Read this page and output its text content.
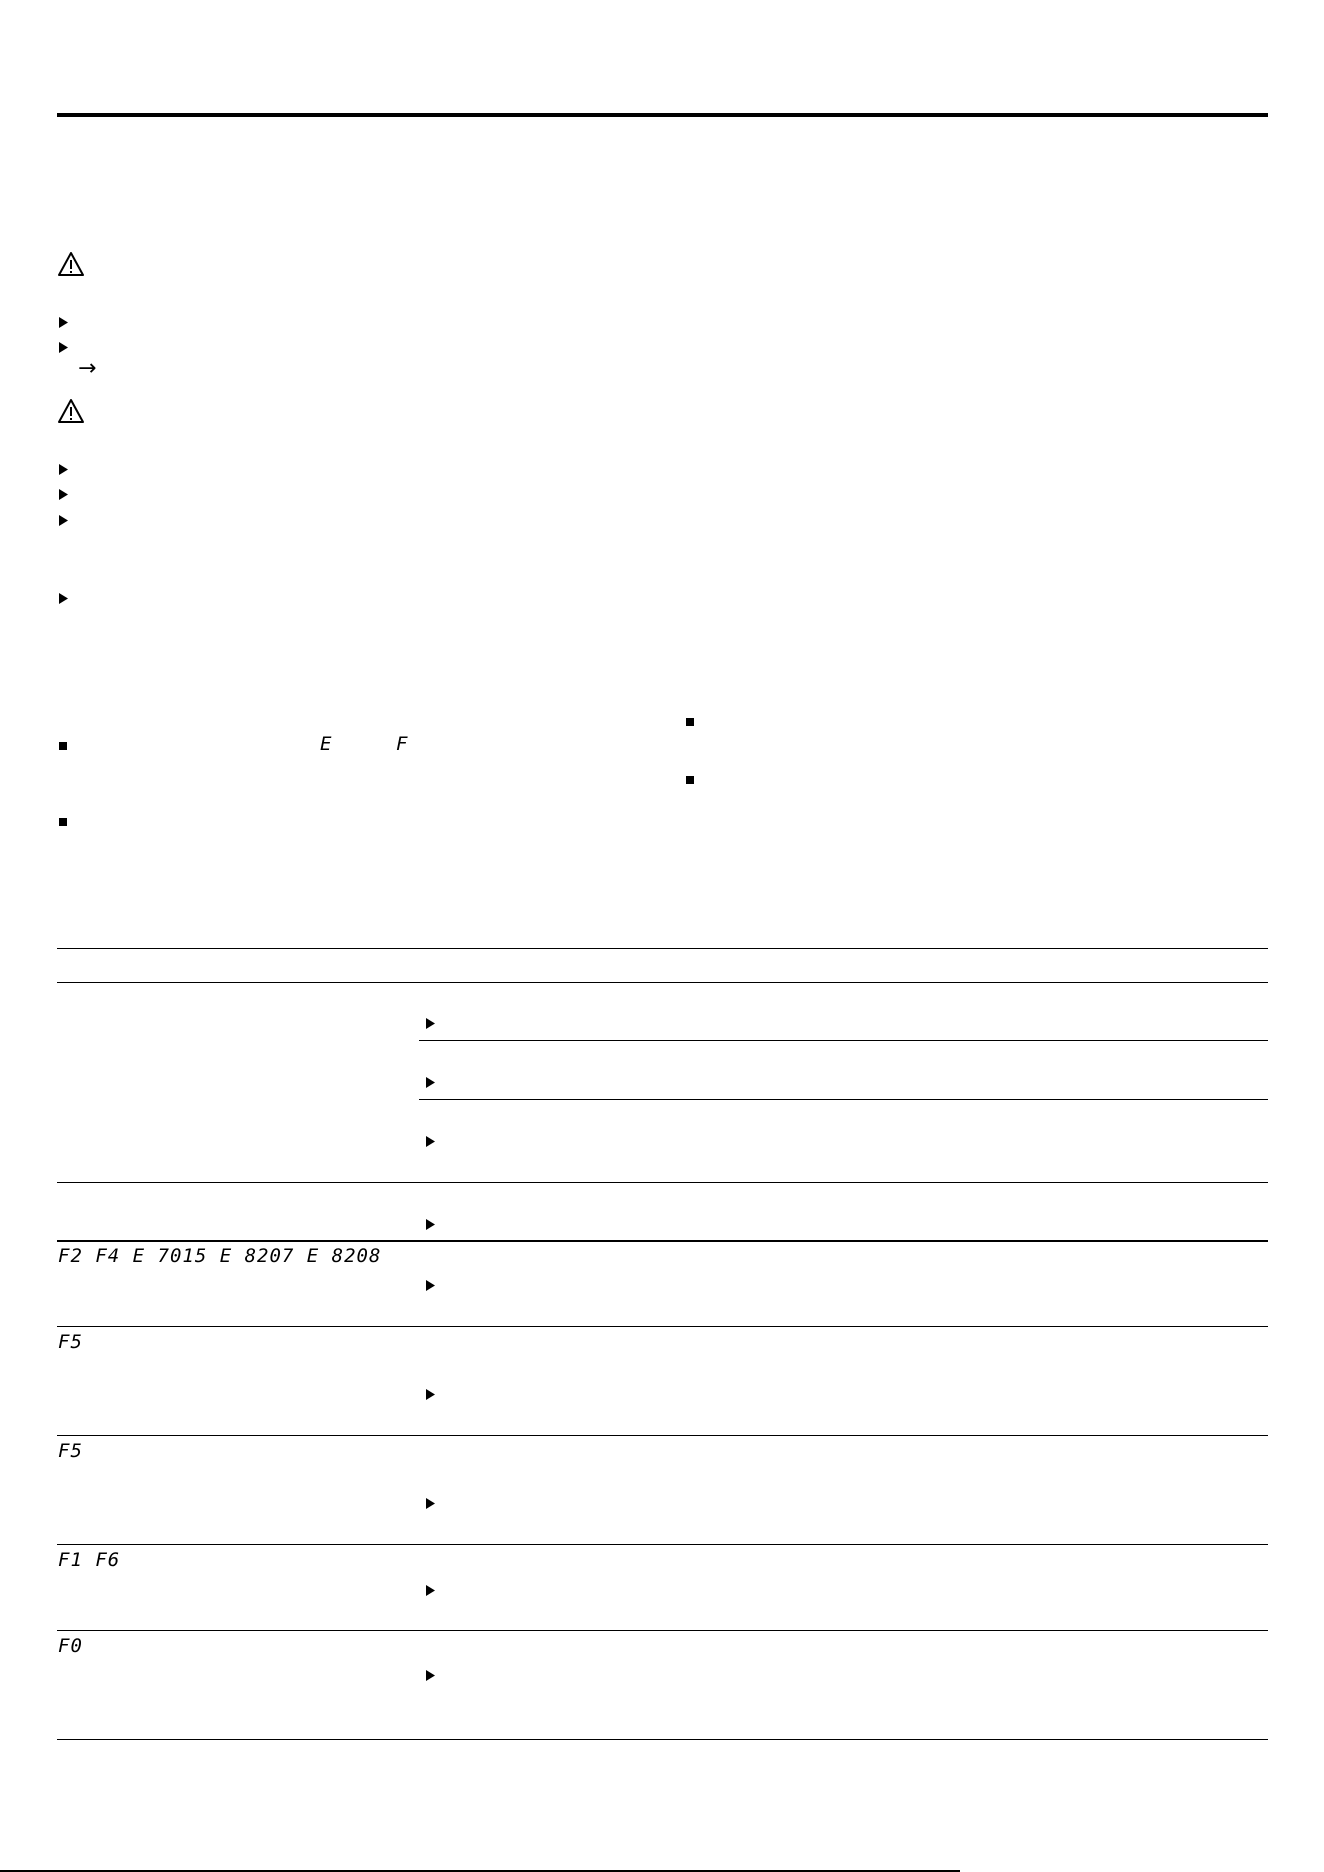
→
E	F
F2 F4 E 7015 E 8207 E 8208
F5
F5
F1 F6
F0
